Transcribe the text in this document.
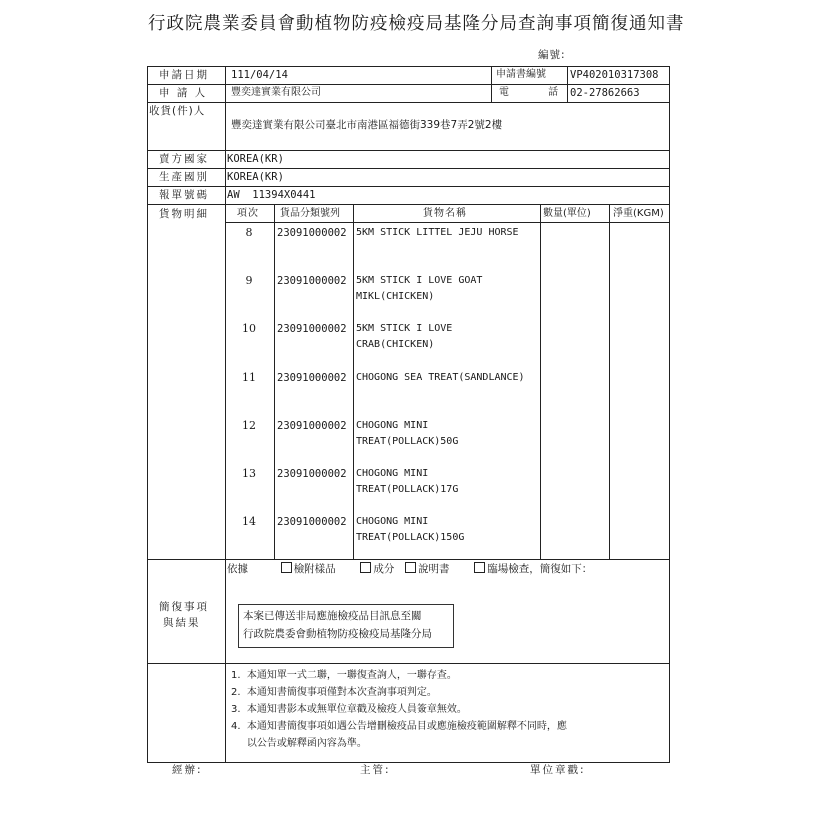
行政院農業委員會動植物防疫檢疫局基隆分局查詢事項簡復通知書
編號:
申請日期 111/04/14	申請書編號 VP402010317308
申 請 人 豐奕達實業有限公司	電 話
02-27862663
收貨(件)人
豐奕達實業有限公司臺北市南港區福德街339巷7弄2號2樓
賣方國家 KOREA(KR)
生產國別 KOREA(KR)
報單號碼 AW  11394X0441
貨物明細	項次 貨品分類號列	貨物名稱	數量(單位) 淨重(KGM)
8	23091000002 5KM STICK LITTEL JEJU HORSE
9	23091000002 5KM STICK I LOVE GOAT MIKL(CHICKEN)
10	23091000002 5KM STICK I LOVE CRAB(CHICKEN)
11	23091000002 CHOGONG SEA TREAT(SANDLANCE)
12	23091000002 CHOGONG MINI TREAT(POLLACK)50G
13	23091000002 CHOGONG MINI TREAT(POLLACK)17G
14	23091000002 CHOGONG MINI TREAT(POLLACK)150G
簡復事項
與結果
依據	檢附樣品	成分 說明書	臨場檢查，簡復如下：
本案已傳送非局應施檢疫品目訊息至關
行政院農委會動植物防疫檢疫局基隆分局
1.  本通知單一式二聯，一聯復查詢人，一聯存查。
2.  本通知書簡復事項僅對本次查詢事項判定。
3.  本通知書影本或無單位章戳及檢疫人員簽章無效。
4.  本通知書簡復事項如遇公告增刪檢疫品目或應施檢疫範圍解釋不同時，應
以公告或解釋函內容為準。
經辦:	主管:	單位章戳:
